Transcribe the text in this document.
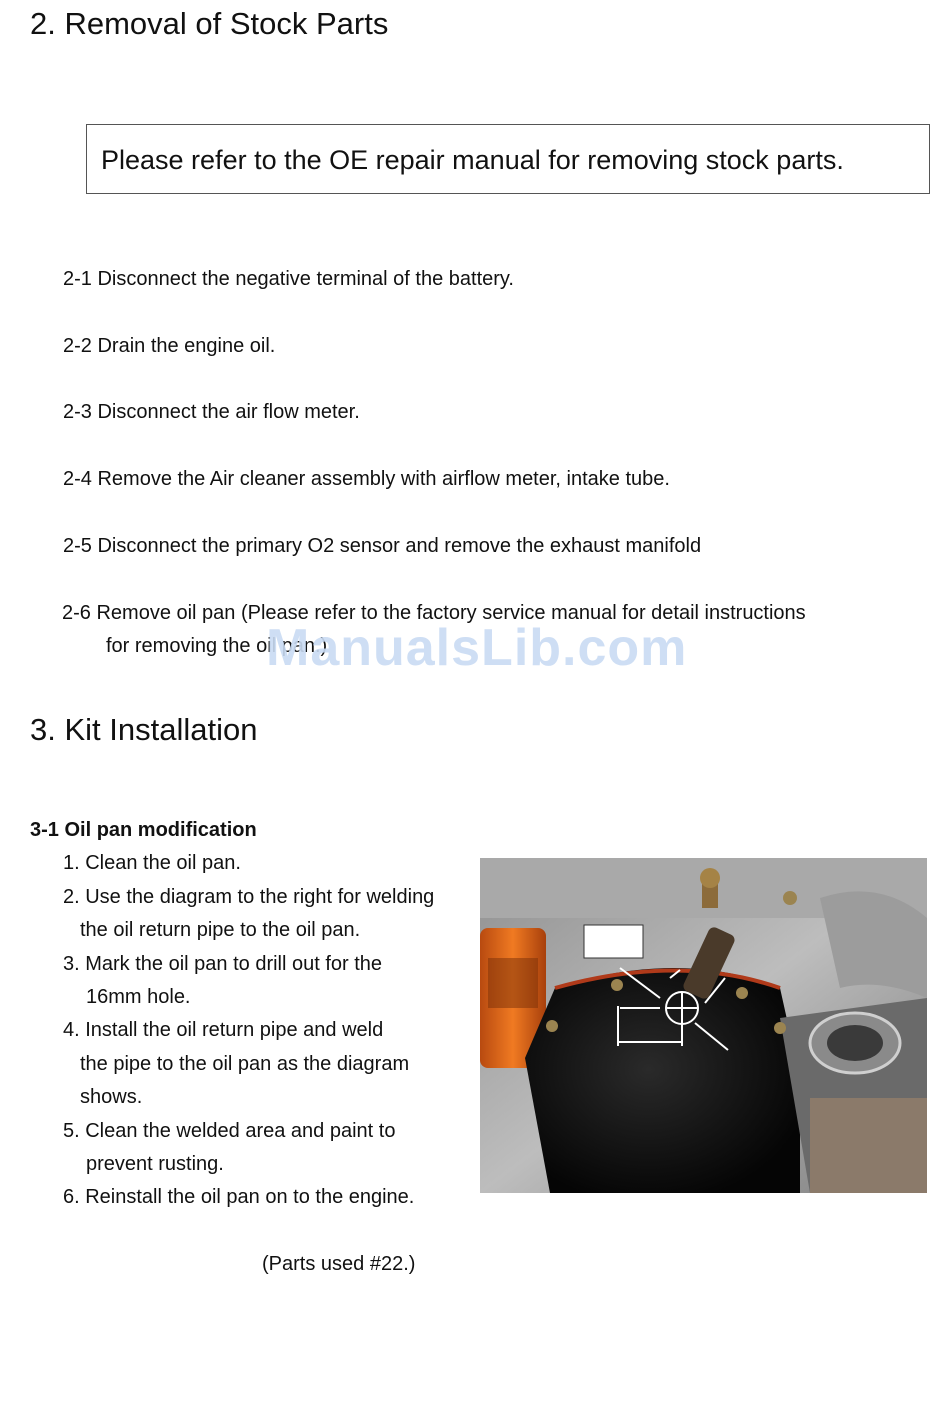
2. Removal of Stock Parts
Please refer to the OE repair manual for removing stock parts.
2-1 Disconnect the negative terminal of the battery.
2-2 Drain the engine oil.
2-3 Disconnect the air flow meter.
2-4 Remove the Air cleaner assembly with airflow meter, intake tube.
2-5 Disconnect the primary O2 sensor and remove the exhaust manifold
2-6 Remove oil pan (Please refer to the factory service manual for detail instructions
for removing the oil pan.)
ManualsLib.com
3. Kit Installation
3-1 Oil pan modification
1. Clean the oil pan.
2. Use the diagram to the right for welding
the oil return pipe to the oil pan.
3. Mark the oil pan to drill out for the
16mm hole.
4. Install the oil return pipe and weld
the pipe to the oil pan as the diagram
shows.
5. Clean the welded area and paint to
prevent rusting.
6. Reinstall the oil pan on to the engine.
(Parts used #22.)
